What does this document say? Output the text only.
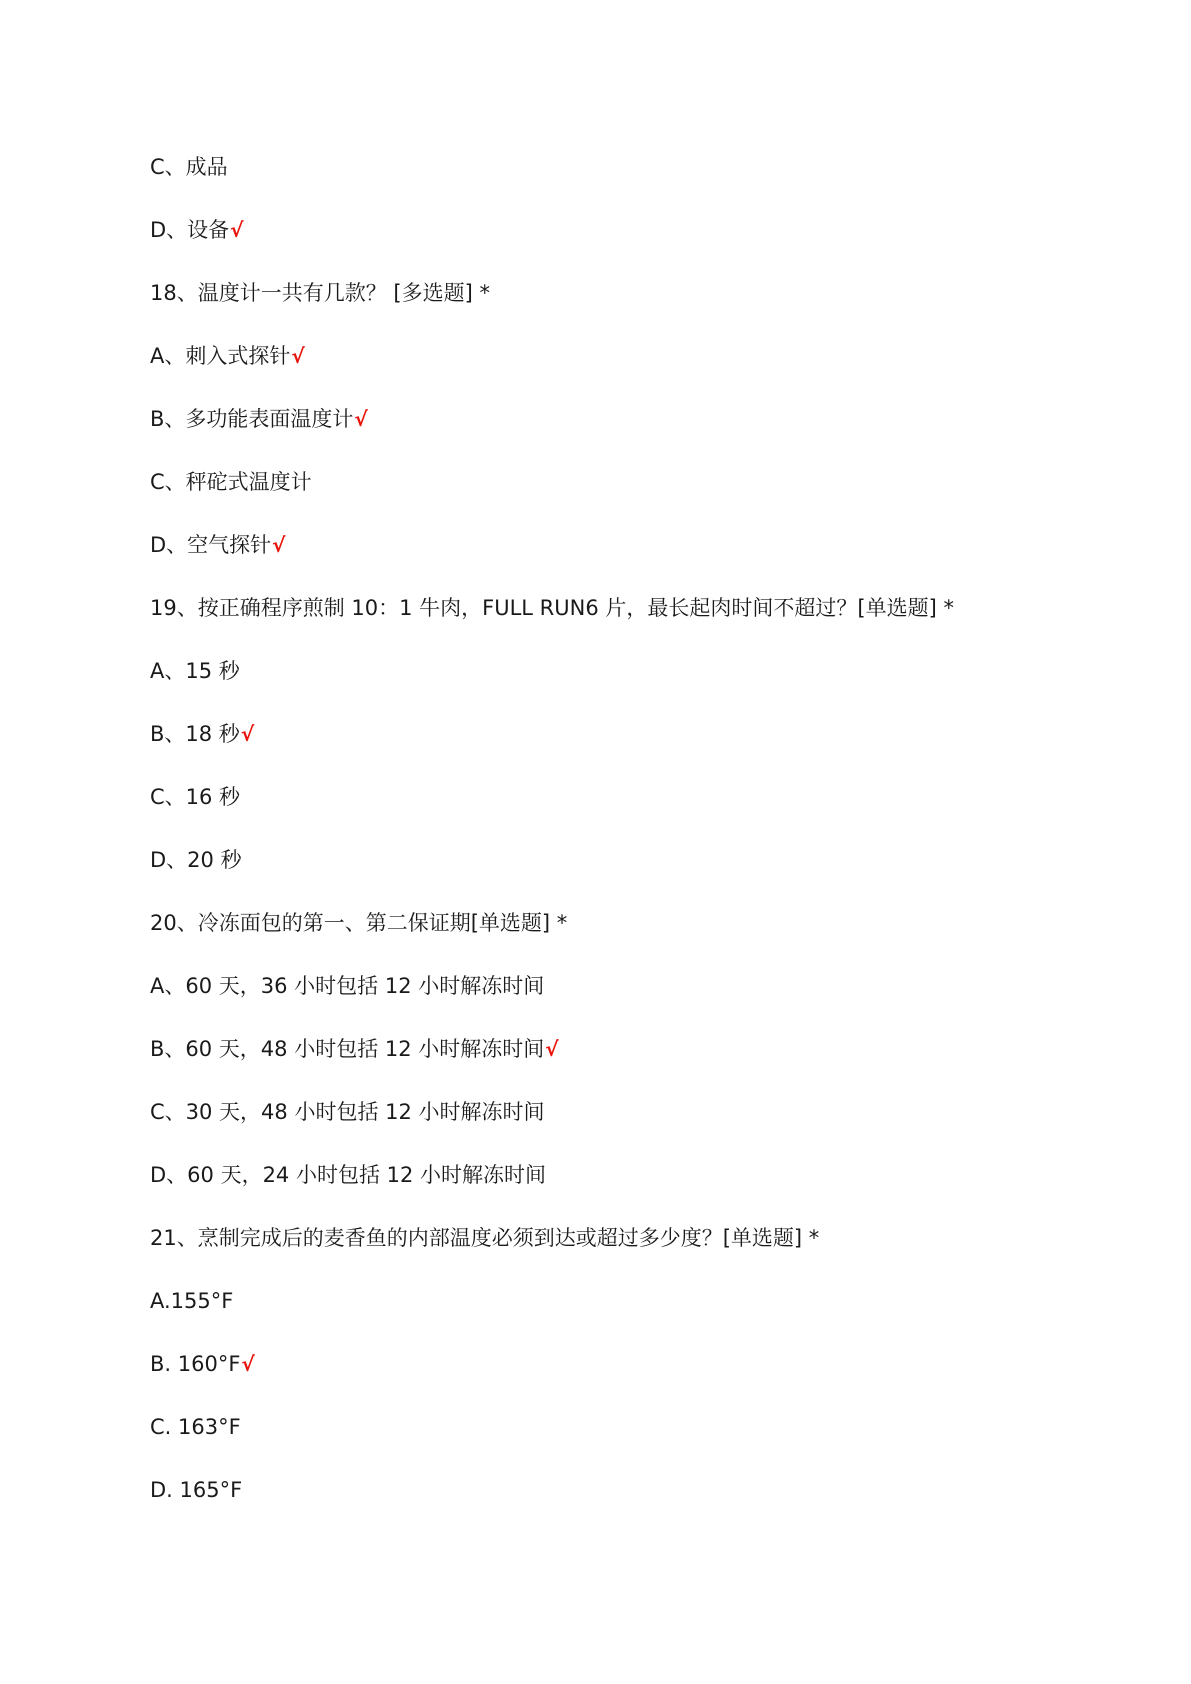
C、成品
D、设备 √
18、温度计一共有几款？ [多选题] *
A、刺入式探针 √
B、多功能表面温度计 √
C、秤砣式温度计
D、空气探针 √
19、按正确程序煎制 10：1 牛肉，FULL RUN6 片，最长起肉时间不超过？[单选题] *
A、15 秒
B、18 秒 √
C、16 秒
D、20 秒
20、冷冻面包的第一、第二保证期[单选题] *
A、60 天，36 小时包括 12 小时解冻时间
B、60 天，48 小时包括 12 小时解冻时间 √
C、30 天，48 小时包括 12 小时解冻时间
D、60 天，24 小时包括 12 小时解冻时间
21、烹制完成后的麦香鱼的内部温度必须到达或超过多少度？[单选题] *
A.155°F
B. 160°F √
C. 163°F
D. 165°F
